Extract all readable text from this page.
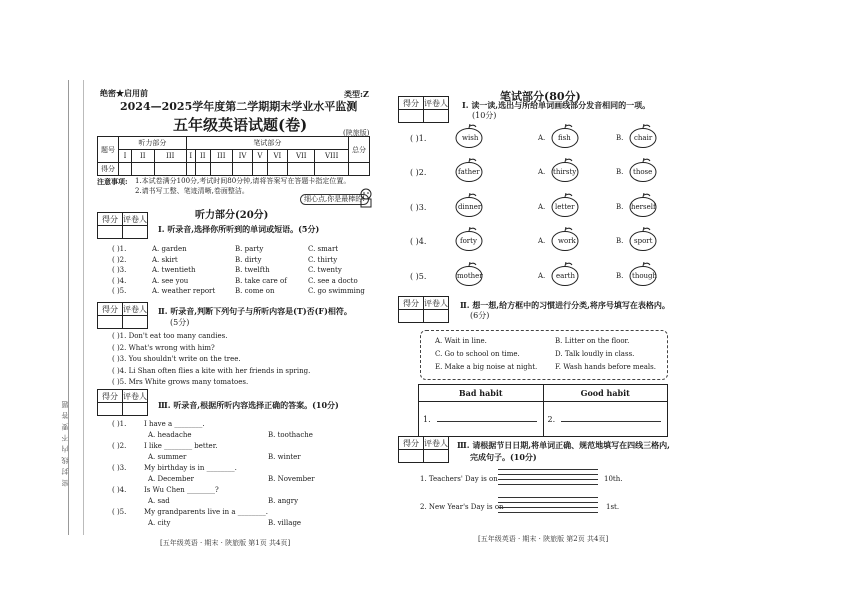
密 封 线 内 不 要 答 题
绝密★启用前	类型:Z
2024—2025学年度第二学期期末学业水平监测
五年级英语试题(卷)	(陕旅版)
题号	听力部分			笔试部分								总分
	I	II	III	I	II	III	IV	V	VI	VII	VIII	
得分												
注意事项: 1.本试卷满分100分,考试时间80分钟,请将答案写在答题卡指定位置。
2.请书写工整、笔迹清晰,卷面整洁。
细心点,你是最棒的!
得分	评卷人
		听力部分(20分)
Ⅰ. 听录音,选择你所听到的单词或短语。(5分)
( )1.	A. garden	B. party	C. smart
( )2.	A. skirt	B. dirty	C. thirty
( )3.	A. twentieth	B. twelfth	C. twenty
( )4.	A. see you	B. take care of	C. see a docto
( )5.	A. weather report	B. come on	C. go swimming
得分	评卷人
	Ⅱ. 听录音,判断下列句子与所听内容是(T)否(F)相符。
(5分)
( )1. Don't eat too many candies.
( )2. What's wrong with him?
( )3. You shouldn't write on the tree.
( )4. Li Shan often flies a kite with her friends in spring.
( )5. Mrs White grows many tomatoes.
得分	评卷人

Ⅲ. 听录音,根据所听内容选择正确的答案。(10分)
( )1.	I have a ________.
A. headache	B. toothache
( )2.	I like ________ better.
A. summer	B. winter
( )3.	My birthday is in ________.
A. December	B. November
( )4.	Is Wu Chen ________?
A. sad	B. angry
( )5.	My grandparents live in a ________.
A. city	B. village
[五年级英语 · 期末 · 陕旅版 第1页 共4页]
笔试部分(80分)
得分	评卷人
	Ⅰ. 读一读,选出与所给单词画线部分发音相同的一项。
(10分)
( )1.	wish	A. fish	B. chair
( )2.	father	A. thirsty	B. those
( )3.	dinner	A. letter	B. herself
( )4.	forty	A. work	B. sport
( )5.	mother	A. earth	B. though
得分	评卷人
	Ⅱ. 想一想,给方框中的习惯进行分类,将序号填写在表格内。
(6分)
A. Wait in line.	B. Litter on the floor.
C. Go to school on time.	D. Talk loudly in class.
E. Make a big noise at night.	F. Wash hands before meals.
Bad habit	Good habit
1.	2.
得分	评卷人
	Ⅲ. 请根据节日日期,将单词正确、规范地填写在四线三格内,
完成句子。(10分)
1. Teachers' Day is on	10th.
2. New Year's Day is on	1st.
[五年级英语 · 期末 · 陕旅版 第2页 共4页]
